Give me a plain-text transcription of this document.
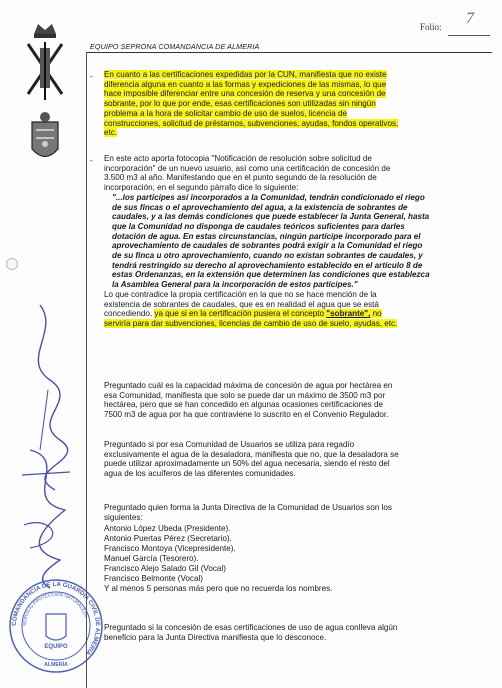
COMANDANCIA DE LA GUARDIA CIVIL DE ALMERIA
SERVICIO PROTECCIÓN NATURALEZA
EQUIPO
· ALMERÍA ·
Folio: 7
EQUIPO SEPRONA COMANDANCIA DE ALMERIA
- En cuanto a las certificaciones expedidas por la CUN, manifiesta que no existe

diferencia alguna en cuanto a las formas y expediciones de las mismas, lo que

hace imposible diferenciar entre una concesión de reserva y una concesión de

sobrante, por lo que por ende, esas certificaciones son utilizadas sin ningún

problema a la hora de solicitar cambio de uso de suelos, licencia de

construcciones, solicitud de préstamos, subvenciones, ayudas, fondos operativos,

etc.

- En este acto aporta fotocopia "Notificación de resolución sobre solicitud de

incorporación" de un nuevo usuario, así como una certificación de concesión de

3.500 m3 al año. Manifestando que en el punto segundo de la resolución de

incorporación, en el segundo párrafo dice lo siguiente:

"...los partícipes así incorporados a la Comunidad, tendrán condicionado el riego

de sus fincas o el aprovechamiento del agua, a la existencia de sobrantes de

caudales, y a las demás condiciones que puede establecer la Junta General, hasta

que la Comunidad no disponga de caudales teóricos suficientes para darles

dotación de agua. En estas circunstancias, ningún partícipe incorporado para el

aprovechamiento de caudales de sobrantes podrá exigir a la Comunidad el riego

de su finca u otro aprovechamiento, cuando no existan sobrantes de caudales, y

tendrá restringido su derecho al aprovechamiento establecido en el artículo 8 de

estas Ordenanzas, en la extensión que determinen las condiciones que establezca

la Asamblea General para la incorporación de estos partícipes."

Lo que contradice la propia certificación en la que no se hace mención de la

existencia de sobrantes de caudales, que es en realidad el agua que se está

concediendo, ya que si en la certificación pusiera el concepto "sobrante", no

serviría para dar subvenciones, licencias de cambio de uso de suelo, ayudas, etc.

Preguntado cuál es la capacidad máxima de concesión de agua por hectárea en

esa Comunidad, manifiesta que solo se puede dar un máximo de 3500 m3 por

hectárea, pero que se han concedido en algunas ocasiones certificaciones de

7500 m3 de agua por ha que contraviene lo suscrito en el Convenio Regulador.

Preguntado si por esa Comunidad de Usuarios se utiliza para regadío

exclusivamente el agua de la desaladora, manifiesta que no, que la desaladora se

puede utilizar aproximadamente un 50% del agua necesaria, siendo el resto del

agua de los acuíferos de las diferentes comunidades.

Preguntado quien forma la Junta Directiva de la Comunidad de Usuarios son los

siguientes:

Antonio López Ubeda (Presidente).
Antonio Puertas Pérez (Secretario).
Francisco Montoya (Vicepresidente).
Manuel García (Tesorero).
Francisco Alejo Salado Gil (Vocal)
Francisco Belmonte (Vocal)
Y al menos 5 personas más pero que no recuerda los nombres.

Preguntado si la concesión de esas certificaciones de uso de agua conlleva algún

beneficio para la Junta Directiva manifiesta que lo desconoce.
